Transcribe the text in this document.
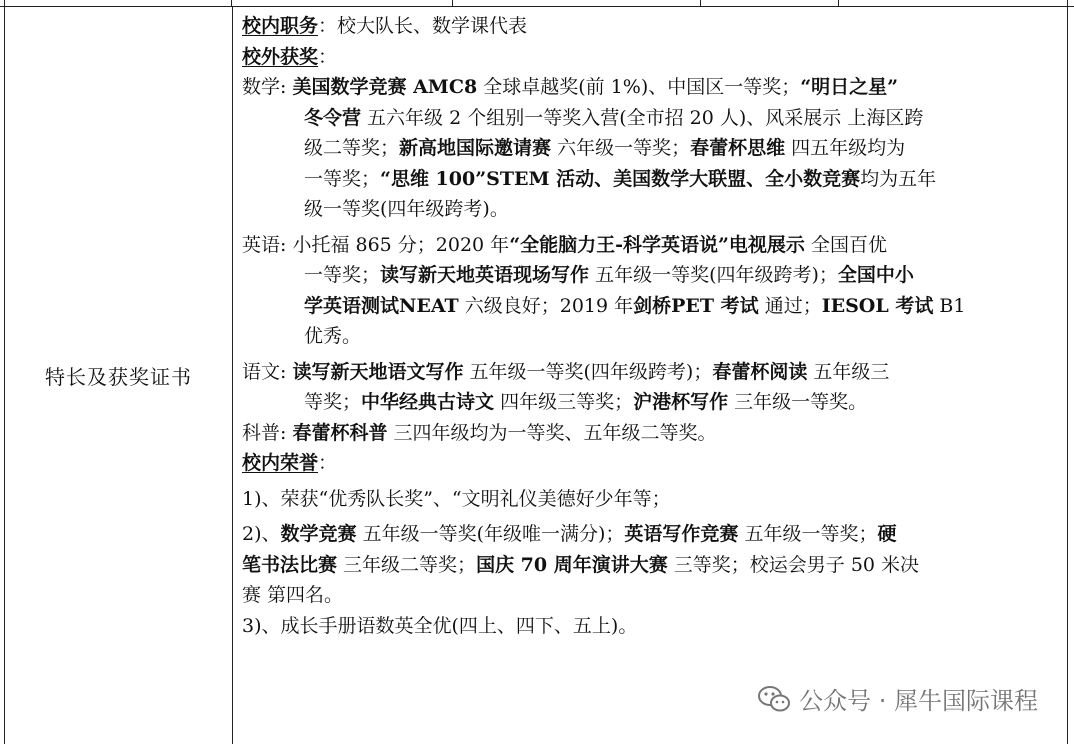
特长及获奖证书
校内职务：校大队长、数学课代表
校外获奖：
数学: 美国数学竞赛 AMC8 全球卓越奖(前 1%)、中国区一等奖；“明日之星”
冬令营 五六年级 2 个组别一等奖入营(全市招 20 人)、风采展示 上海区跨
级二等奖；新高地国际邀请赛 六年级一等奖；春蕾杯思维 四五年级均为
一等奖；“思维 100”STEM 活动、美国数学大联盟、全小数竞赛均为五年
级一等奖(四年级跨考)。
英语: 小托福 865 分；2020 年“全能脑力王-科学英语说”电视展示 全国百优
一等奖；读写新天地英语现场写作 五年级一等奖(四年级跨考)；全国中小
学英语测试NEAT 六级良好；2019 年剑桥PET 考试 通过；IESOL 考试 B1
优秀。
语文: 读写新天地语文写作 五年级一等奖(四年级跨考)；春蕾杯阅读 五年级三
等奖；中华经典古诗文 四年级三等奖；沪港杯写作 三年级一等奖。
科普: 春蕾杯科普 三四年级均为一等奖、五年级二等奖。
校内荣誉：
1)、荣获“优秀队长奖”、“文明礼仪美德好少年等；
2)、数学竞赛 五年级一等奖(年级唯一满分)；英语写作竞赛 五年级一等奖；硬
笔书法比赛 三年级二等奖；国庆 70 周年演讲大赛 三等奖；校运会男子 50 米决
赛 第四名。
3)、成长手册语数英全优(四上、四下、五上)。
公众号 · 犀牛国际课程
